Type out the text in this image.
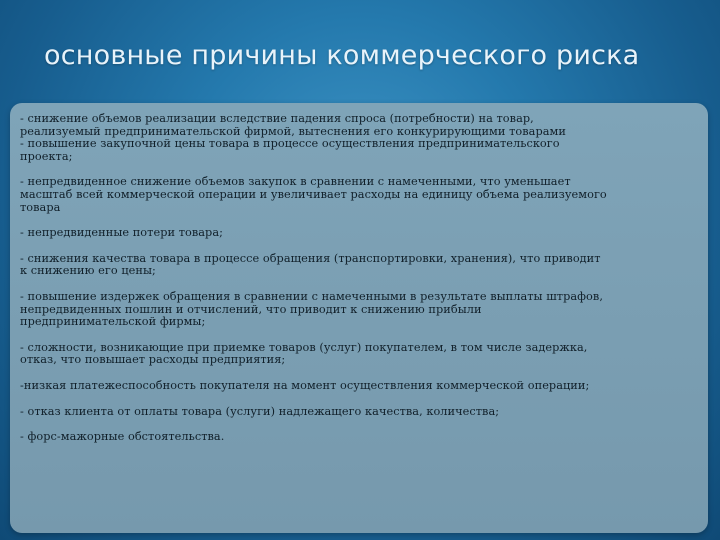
основные причины коммерческого риска
- снижение объемов реализации вследствие падения спроса (потребности) на товар,
реализуемый предпринимательской фирмой, вытеснения его конкурирующими товарами
- повышение закупочной цены товара в процессе осуществления предпринимательского
проекта;
- непредвиденное снижение объемов закупок в сравнении с намеченными, что уменьшает
масштаб всей коммерческой операции и увеличивает расходы на единицу объема реализуемого
товара
- непредвиденные потери товара;
- снижения качества товара в процессе обращения (транспортировки, хранения), что приводит
к снижению его цены;
- повышение издержек обращения в сравнении с намеченными в результате выплаты штрафов,
непредвиденных пошлин и отчислений, что приводит к снижению прибыли
предпринимательской фирмы;
- сложности, возникающие при приемке товаров (услуг) покупателем, в том числе задержка,
отказ, что повышает расходы предприятия;
-низкая платежеспособность покупателя на момент осуществления коммерческой операции;
- отказ клиента от оплаты товара (услуги) надлежащего качества, количества;
- форс-мажорные обстоятельства.
